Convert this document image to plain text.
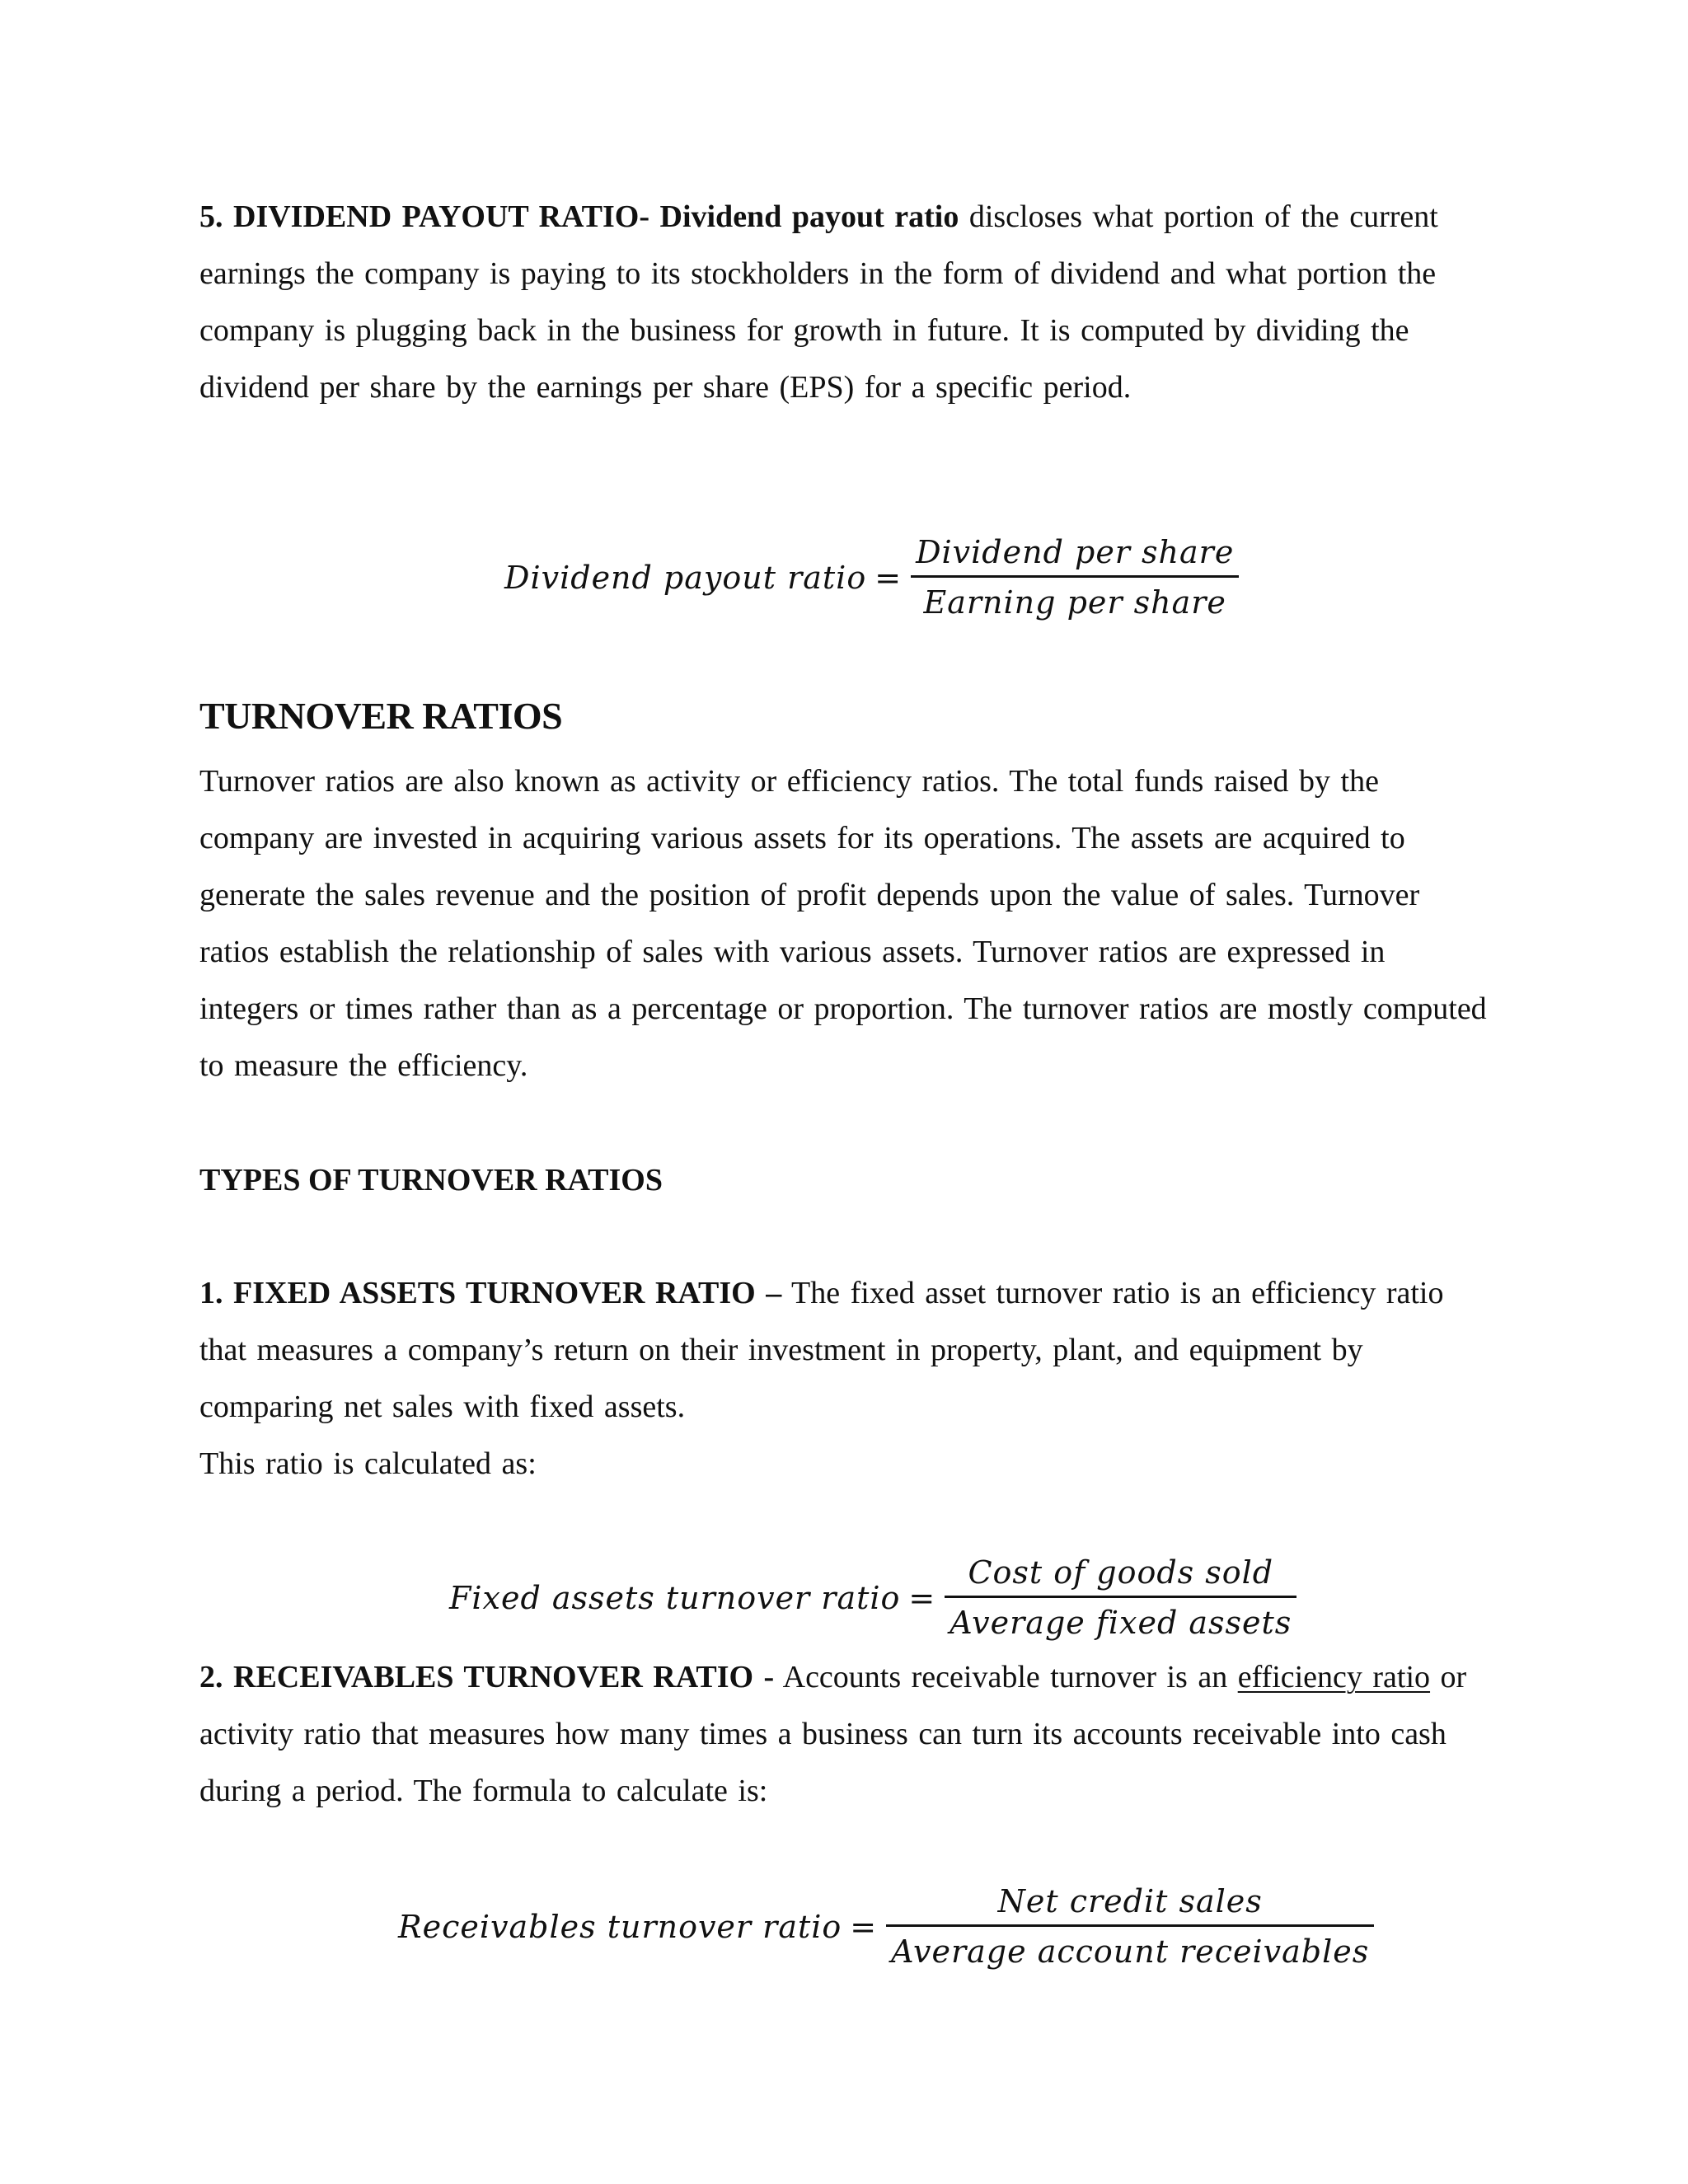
5. DIVIDEND PAYOUT RATIO- Dividend payout ratio discloses what portion of the current earnings the company is paying to its stockholders in the form of dividend and what portion the company is plugging back in the business for growth in future. It is computed by dividing the dividend per share by the earnings per share (EPS) for a specific period.

Dividend payout ratio = $\frac{\text{Dividend per share}}{\text{Earning per share}}$
TURNOVER RATIOS

Turnover ratios are also known as activity or efficiency ratios. The total funds raised by the company are invested in acquiring various assets for its operations. The assets are acquired to generate the sales revenue and the position of profit depends upon the value of sales. Turnover ratios establish the relationship of sales with various assets. Turnover ratios are expressed in integers or times rather than as a percentage or proportion. The turnover ratios are mostly computed to measure the efficiency.

TYPES OF TURNOVER RATIOS

1. FIXED ASSETS TURNOVER RATIO – The fixed asset turnover ratio is an efficiency ratio that measures a company’s return on their investment in property, plant, and equipment by comparing net sales with fixed assets.

This ratio is calculated as:

Fixed assets turnover ratio = $\frac{\text{Cost of goods sold}}{\text{Average fixed assets}}$

2. RECEIVABLES TURNOVER RATIO - Accounts receivable turnover is an efficiency ratio or activity ratio that measures how many times a business can turn its accounts receivable into cash during a period. The formula to calculate is:

Receivables turnover ratio = $\frac{\text{Net credit sales}}{\text{Average account receivables}}$
